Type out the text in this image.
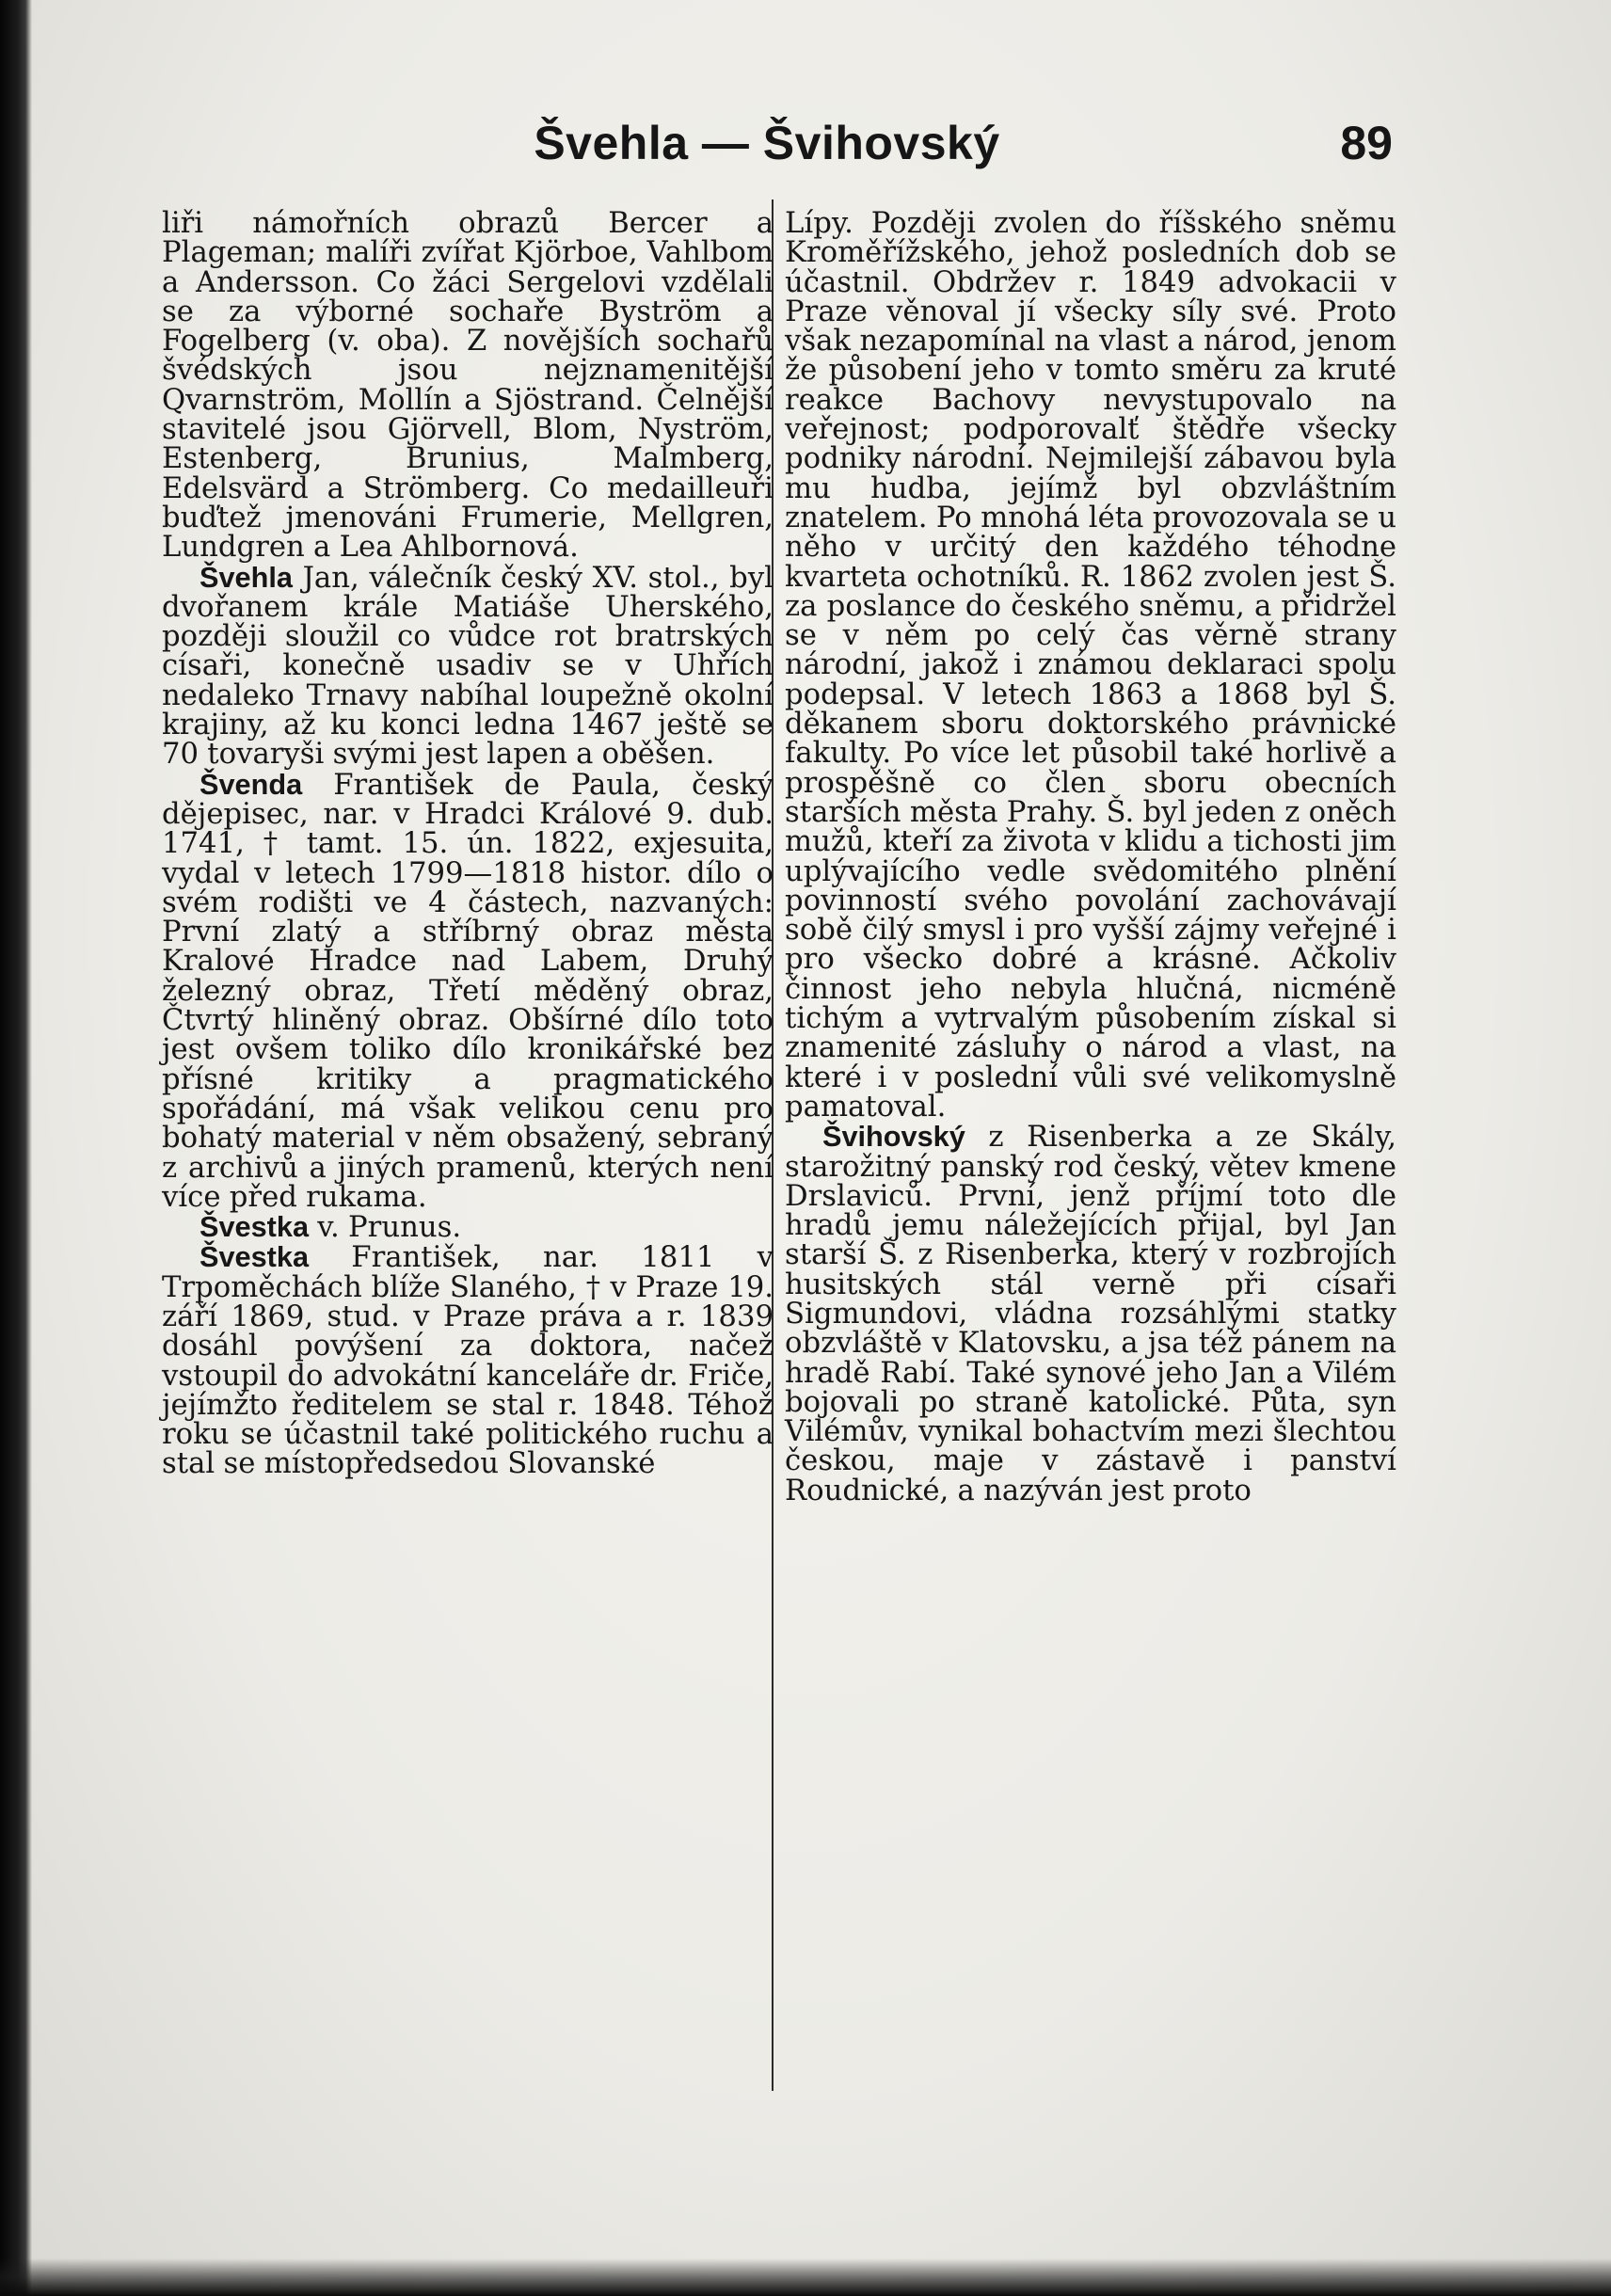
Švehla — Švihovský	89

liři námořních obrazů Bercer a Plageman; malíři zvířat Kjörboe, Vahlbom a Andersson. Co žáci Sergelovi vzdělali se za výborné sochaře Byström a Fogelberg (v. oba). Z novějších sochařů švédských jsou nejznamenitější Qvarnström, Mollín a Sjöstrand. Čelnější stavitelé jsou Gjörvell, Blom, Nyström, Estenberg, Brunius, Malmberg, Edelsvärd a Strömberg. Co medailleuři buďtež jmenováni Frumerie, Mellgren, Lundgren a Lea Ahlbornová.

Švehla Jan, válečník český XV. stol., byl dvořanem krále Matiáše Uherského, později sloužil co vůdce rot bratrských císaři, konečně usadiv se v Uhřích nedaleko Trnavy nabíhal loupežně okolní krajiny, až ku konci ledna 1467 ještě se 70 tovaryši svými jest lapen a oběšen.

Švenda František de Paula, český dějepisec, nar. v Hradci Králové 9. dub. 1741, † tamt. 15. ún. 1822, exjesuita, vydal v letech 1799—1818 histor. dílo o svém rodišti ve 4 částech, nazvaných: První zlatý a stříbrný obraz města Kralové Hradce nad Labem, Druhý železný obraz, Třetí měděný obraz, Čtvrtý hliněný obraz. Obšírné dílo toto jest ovšem toliko dílo kronikářské bez přísné kritiky a pragmatického spořádání, má však velikou cenu pro bohatý material v něm obsažený, sebraný z archivů a jiných pramenů, kterých není více před rukama.

Švestka v. Prunus.

Švestka František, nar. 1811 v Trpoměchách blíže Slaného, † v Praze 19. září 1869, stud. v Praze práva a r. 1839 dosáhl povýšení za doktora, načež vstoupil do advokátní kanceláře dr. Friče, jejímžto ředitelem se stal r. 1848. Téhož roku se účastnil také politického ruchu a stal se místopředsedou Slovanské

Lípy. Později zvolen do říšského sněmu Kroměřížského, jehož posledních dob se účastnil. Obdržev r. 1849 advokacii v Praze věnoval jí všecky síly své. Proto však nezapomínal na vlast a národ, jenom že působení jeho v tomto směru za kruté reakce Bachovy nevystupovalo na veřejnost; podporovalť štědře všecky podniky národní. Nejmilejší zábavou byla mu hudba, jejímž byl obzvláštním znatelem. Po mnohá léta provozovala se u něho v určitý den každého téhodne kvarteta ochotníků. R. 1862 zvolen jest Š. za poslance do českého sněmu, a přidržel se v něm po celý čas věrně strany národní, jakož i známou deklaraci spolu podepsal. V letech 1863 a 1868 byl Š. děkanem sboru doktorského právnické fakulty. Po více let působil také horlivě a prospěšně co člen sboru obecních starších města Prahy. Š. byl jeden z oněch mužů, kteří za života v klidu a tichosti jim uplývajícího vedle svědomitého plnění povinností svého povolání zachovávají sobě čilý smysl i pro vyšší zájmy veřejné i pro všecko dobré a krásné. Ačkoliv činnost jeho nebyla hlučná, nicméně tichým a vytrvalým působením získal si znamenité zásluhy o národ a vlast, na které i v poslední vůli své velikomyslně pamatoval.

Švihovský z Risenberka a ze Skály, starožitný panský rod český, větev kmene Drslaviců. První, jenž příjmí toto dle hradů jemu náležejících přijal, byl Jan starší Š. z Risenberka, který v rozbrojích husitských stál verně při císaři Sigmundovi, vládna rozsáhlými statky obzvláště v Klatovsku, a jsa též pánem na hradě Rabí. Také synové jeho Jan a Vilém bojovali po straně katolické. Půta, syn Vilémův, vynikal bohactvím mezi šlechtou českou, maje v zástavě i panství Roudnické, a nazýván jest proto
